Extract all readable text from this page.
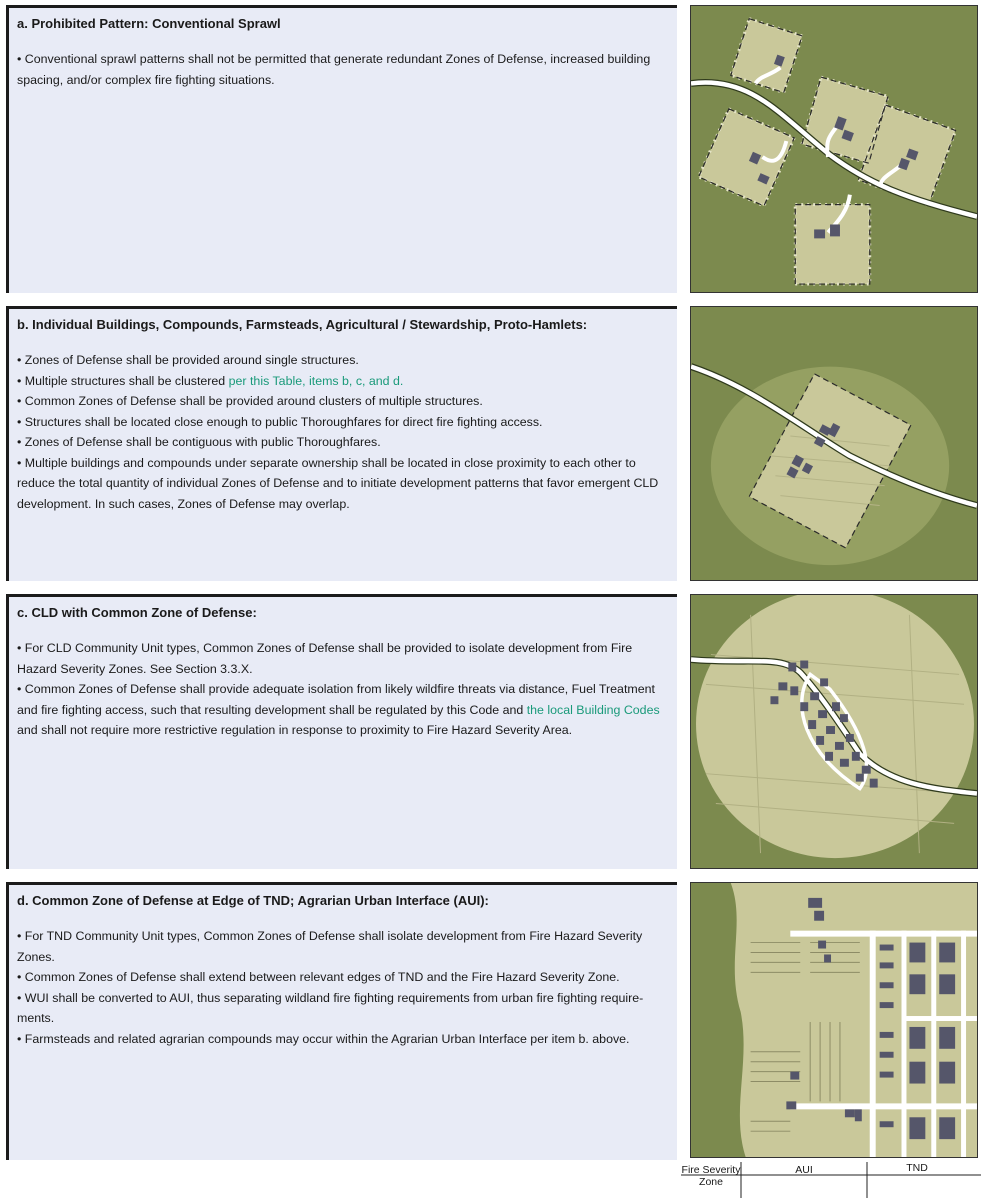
a. Prohibited Pattern: Conventional Sprawl

• Conventional sprawl patterns shall not be permitted that generate redundant Zones of Defense, increased building spacing, and/or complex fire fighting situations.

b. Individual Buildings, Compounds, Farmsteads, Agricultural / Stewardship, Proto-Hamlets:

• Zones of Defense shall be provided around single structures.

• Multiple structures shall be clustered per this Table, items b, c, and d.

• Common Zones of Defense shall be provided around clusters of multiple structures.

• Structures shall be located close enough to public Thoroughfares for direct fire fighting access.

• Zones of Defense shall be contiguous with public Thoroughfares.

• Multiple buildings and compounds under separate ownership shall be located in close proximity to each other to reduce the total quantity of individual Zones of Defense and to initiate development patterns that favor emergent CLD development. In such cases, Zones of Defense may overlap.

c. CLD with Common Zone of Defense:

• For CLD Community Unit types, Common Zones of Defense shall be provided to isolate development from Fire Hazard Severity Zones. See Section 3.3.X.

• Common Zones of Defense shall provide adequate isolation from likely wildfire threats via distance, Fuel Treatment and fire fighting access, such that resulting development shall be regulated by this Code and the local Building Codes and shall not require more restrictive regulation in response to proximity to Fire Hazard Severity Area.

d. Common Zone of Defense at Edge of TND; Agrarian Urban Interface (AUI):

• For TND Community Unit types, Common Zones of Defense shall isolate development from Fire Hazard Severity Zones.

• Common Zones of Defense shall extend between relevant edges of TND and the Fire Hazard Severity Zone.

• WUI shall be converted to AUI, thus separating wildland fire fighting requirements from urban fire fighting require-ments.

• Farmsteads and related agrarian compounds may occur within the Agrarian Urban Interface per item b. above.

Fire Severity
Zone
AUI	TND
